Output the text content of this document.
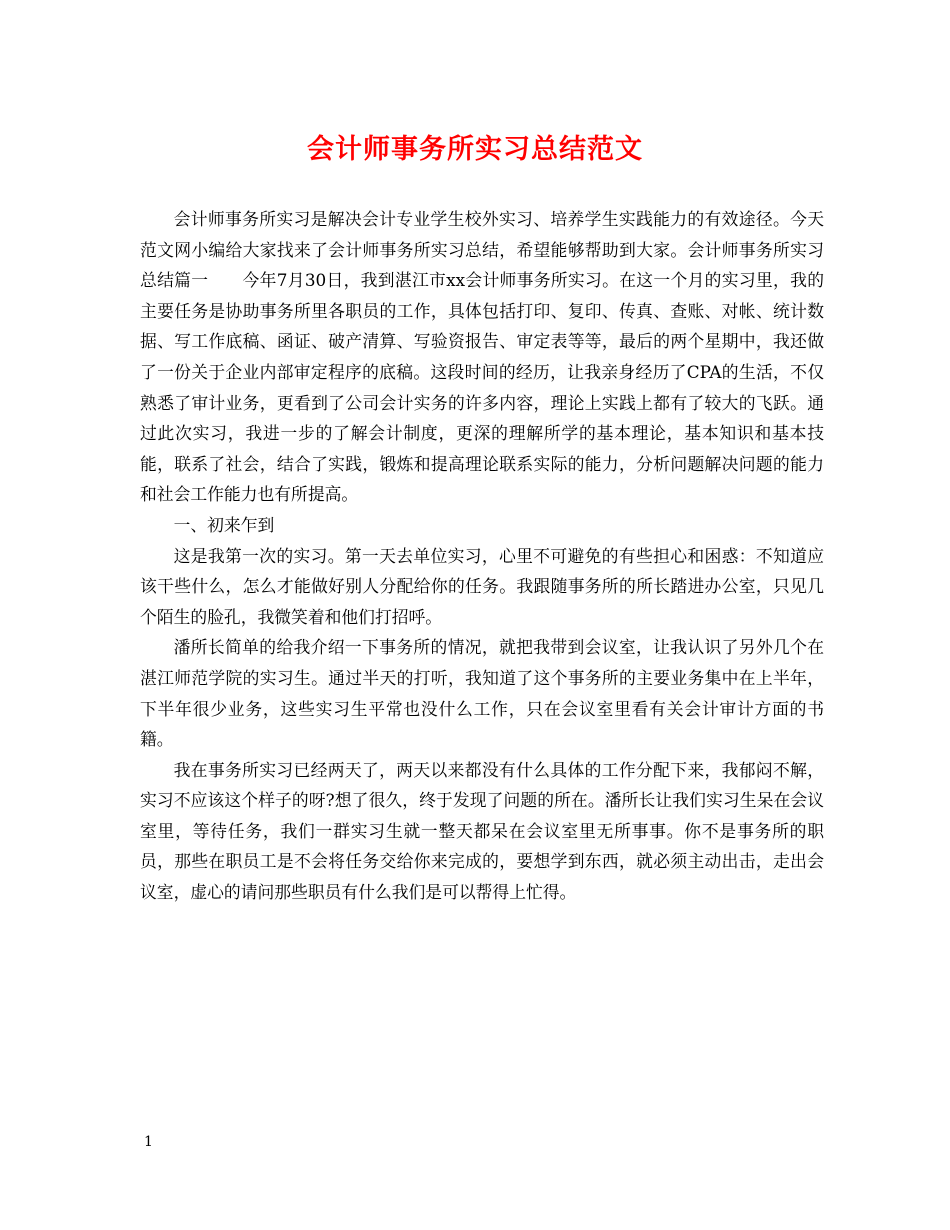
会计师事务所实习总结范文

会计师事务所实习是解决会计专业学生校外实习、培养学生实践能力的有效途径。今天范文网小编给大家找来了会计师事务所实习总结，希望能够帮助到大家。会计师事务所实习总结篇一　　今年7月30日，我到湛江市xx会计师事务所实习。在这一个月的实习里，我的主要任务是协助事务所里各职员的工作，具体包括打印、复印、传真、查账、对帐、统计数据、写工作底稿、函证、破产清算、写验资报告、审定表等等，最后的两个星期中，我还做了一份关于企业内部审定程序的底稿。这段时间的经历，让我亲身经历了CPA的生活，不仅熟悉了审计业务，更看到了公司会计实务的许多内容，理论上实践上都有了较大的飞跃。通过此次实习，我进一步的了解会计制度，更深的理解所学的基本理论，基本知识和基本技能，联系了社会，结合了实践，锻炼和提高理论联系实际的能力，分析问题解决问题的能力和社会工作能力也有所提高。

一、初来乍到

这是我第一次的实习。第一天去单位实习，心里不可避免的有些担心和困惑：不知道应该干些什么，怎么才能做好别人分配给你的任务。我跟随事务所的所长踏进办公室，只见几个陌生的脸孔，我微笑着和他们打招呼。

潘所长简单的给我介绍一下事务所的情况，就把我带到会议室，让我认识了另外几个在湛江师范学院的实习生。通过半天的打听，我知道了这个事务所的主要业务集中在上半年，下半年很少业务，这些实习生平常也没什么工作，只在会议室里看有关会计审计方面的书籍。

我在事务所实习已经两天了，两天以来都没有什么具体的工作分配下来，我郁闷不解，实习不应该这个样子的呀?想了很久，终于发现了问题的所在。潘所长让我们实习生呆在会议室里，等待任务，我们一群实习生就一整天都呆在会议室里无所事事。你不是事务所的职员，那些在职员工是不会将任务交给你来完成的，要想学到东西，就必须主动出击，走出会议室，虚心的请问那些职员有什么我们是可以帮得上忙得。

1
